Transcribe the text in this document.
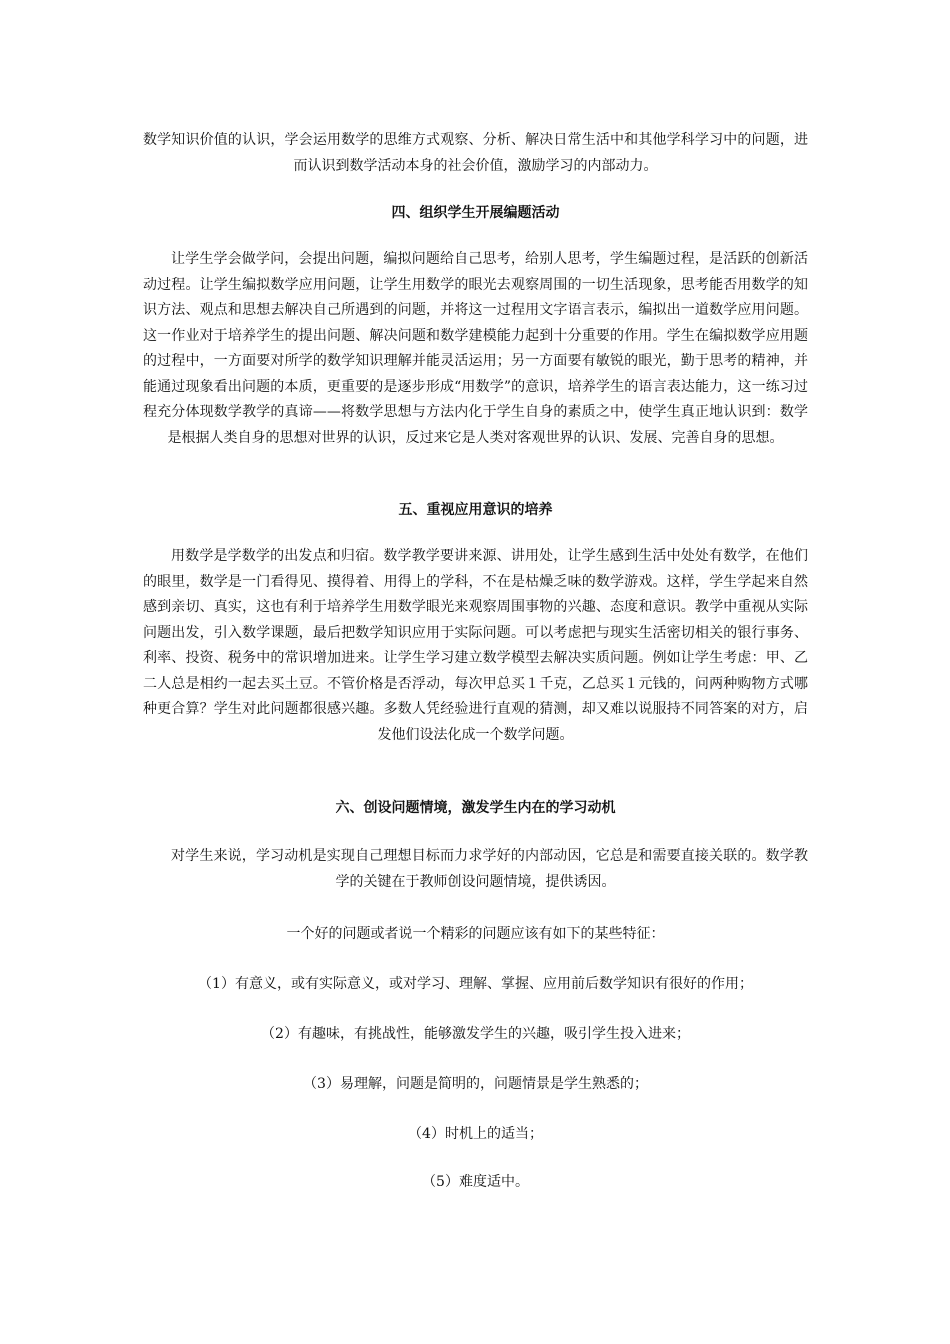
数学知识价值的认识，学会运用数学的思维方式观察、分析、解决日常生活中和其他学科学习中的问题，进而认识到数学活动本身的社会价值，激励学习的内部动力。

四、组织学生开展编题活动

让学生学会做学问，会提出问题，编拟问题给自己思考，给别人思考，学生编题过程，是活跃的创新活动过程。让学生编拟数学应用问题，让学生用数学的眼光去观察周围的一切生活现象，思考能否用数学的知识方法、观点和思想去解决自己所遇到的问题，并将这一过程用文字语言表示，编拟出一道数学应用问题。这一作业对于培养学生的提出问题、解决问题和数学建模能力起到十分重要的作用。学生在编拟数学应用题的过程中，一方面要对所学的数学知识理解并能灵活运用；另一方面要有敏锐的眼光，勤于思考的精神，并能通过现象看出问题的本质，更重要的是逐步形成“用数学”的意识，培养学生的语言表达能力，这一练习过程充分体现数学教学的真谛——将数学思想与方法内化于学生自身的素质之中，使学生真正地认识到：数学是根据人类自身的思想对世界的认识，反过来它是人类对客观世界的认识、发展、完善自身的思想。

五、重视应用意识的培养

用数学是学数学的出发点和归宿。数学教学要讲来源、讲用处，让学生感到生活中处处有数学，在他们的眼里，数学是一门看得见、摸得着、用得上的学科，不在是枯燥乏味的数学游戏。这样，学生学起来自然感到亲切、真实，这也有利于培养学生用数学眼光来观察周围事物的兴趣、态度和意识。教学中重视从实际问题出发，引入数学课题，最后把数学知识应用于实际问题。可以考虑把与现实生活密切相关的银行事务、利率、投资、税务中的常识增加进来。让学生学习建立数学模型去解决实质问题。例如让学生考虑：甲、乙二人总是相约一起去买土豆。不管价格是否浮动，每次甲总买１千克，乙总买１元钱的，问两种购物方式哪种更合算？学生对此问题都很感兴趣。多数人凭经验进行直观的猜测，却又难以说服持不同答案的对方，启发他们设法化成一个数学问题。

六、创设问题情境，激发学生内在的学习动机

对学生来说，学习动机是实现自己理想目标而力求学好的内部动因，它总是和需要直接关联的。数学教学的关键在于教师创设问题情境，提供诱因。

一个好的问题或者说一个精彩的问题应该有如下的某些特征：

（1）有意义，或有实际意义，或对学习、理解、掌握、应用前后数学知识有很好的作用；

（2）有趣味，有挑战性，能够激发学生的兴趣，吸引学生投入进来；

（3）易理解，问题是简明的，问题情景是学生熟悉的；

（4）时机上的适当；

（5）难度适中。
